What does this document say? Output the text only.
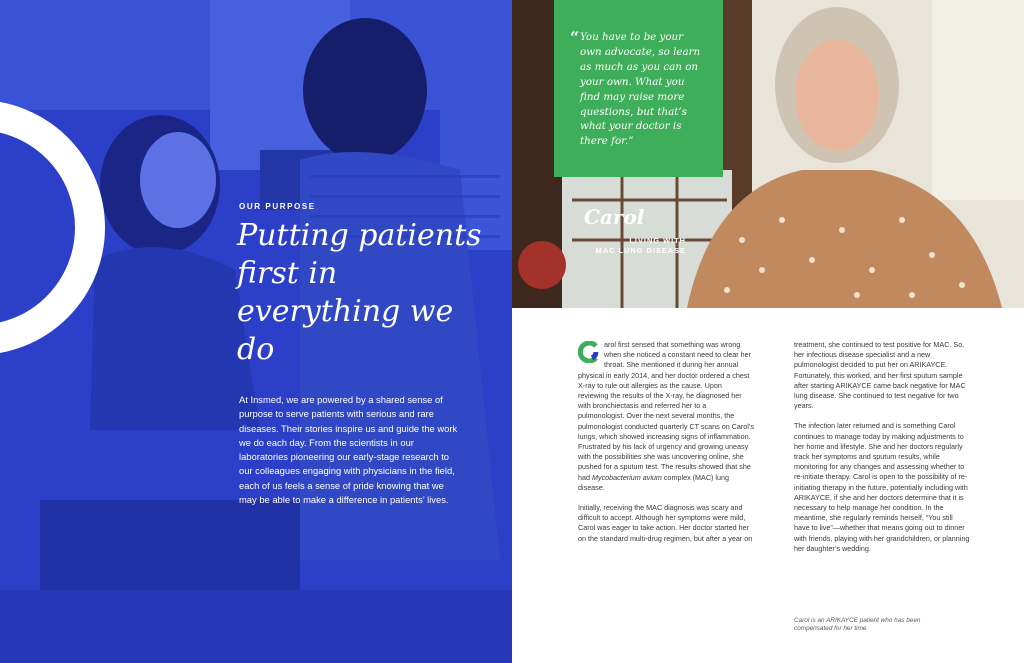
OUR PURPOSE
Putting patients first in everything we do

At Insmed, we are powered by a shared sense of purpose to serve patients with serious and rare diseases. Their stories inspire us and guide the work we do each day. From the scientists in our laboratories pioneering our early-stage research to our colleagues engaging with physicians in the field, each of us feels a sense of pride knowing that we may be able to make a difference in patients’ lives.

“ You have to be your own advocate, so learn as much as you can on your own. What you find may raise more questions, but that’s what your doctor is there for.”

Carol
LIVING WITH
MAC LUNG DISEASE

arol first sensed that something was wrong when she noticed a constant need to clear her throat. She mentioned it during her annual physical in early 2014, and her doctor ordered a chest X-ray to rule out allergies as the cause. Upon reviewing the results of the X-ray, he diagnosed her with bronchiectasis and referred her to a pulmonologist. Over the next several months, the pulmonologist conducted quarterly CT scans on Carol’s lungs, which showed increasing signs of inflammation. Frustrated by his lack of urgency and growing uneasy with the possibilities she was uncovering online, she pushed for a sputum test. The results showed that she had Mycobacterium avium complex (MAC) lung disease.

Initially, receiving the MAC diagnosis was scary and difficult to accept. Although her symptoms were mild, Carol was eager to take action. Her doctor started her on the standard multi-drug regimen, but after a year on

treatment, she continued to test positive for MAC. So, her infectious disease specialist and a new pulmonologist decided to put her on ARIKAYCE. Fortunately, this worked, and her first sputum sample after starting ARIKAYCE came back negative for MAC lung disease. She continued to test negative for two years.

The infection later returned and is something Carol continues to manage today by making adjustments to her home and lifestyle. She and her doctors regularly track her symptoms and sputum results, while monitoring for any changes and assessing whether to re-initiate therapy. Carol is open to the possibility of re-initiating therapy in the future, potentially including with ARIKAYCE, if she and her doctors determine that it is necessary to help manage her condition. In the meantime, she regularly reminds herself, “You still have to live”—whether that means going out to dinner with friends, playing with her grandchildren, or planning her daughter’s wedding.

Carol is an ARIKAYCE patient who has been compensated for her time
